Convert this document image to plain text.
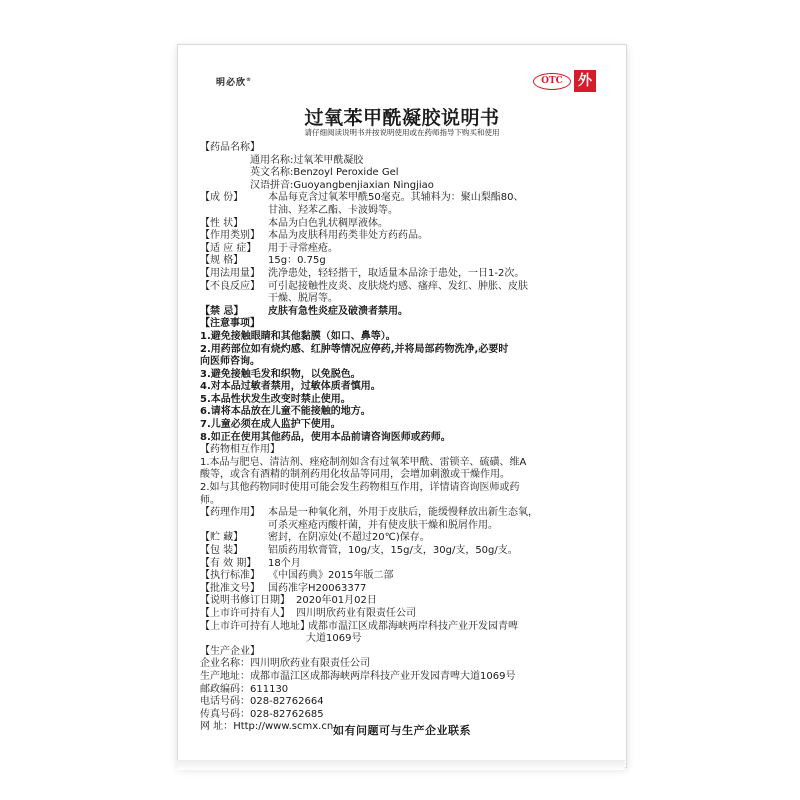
明必欣®	OTC	外
过氧苯甲酰凝胶说明书
请仔细阅读说明书并按说明使用或在药师指导下购买和使用
【药品名称】
通用名称: 过氧苯甲酰凝胶
英文名称: Benzoyl Peroxide Gel
汉语拼音: Guoyangbenjiaxian Ningjiao
【成 份】	本品每克含过氧苯甲酰50毫克。其辅料为：聚山梨酯80、
甘油、羟苯乙酯、卡波姆等。
【性 状】	本品为白色乳状稠厚液体。
【作用类别】 本品为皮肤科用药类非处方药药品。
【适 应 症】	用于寻常痤疮。
【规 格】	15g：0.75g
【用法用量】 洗净患处，轻轻揩干，取适量本品涂于患处，一日1-2次。
【不良反应】 可引起接触性皮炎、皮肤烧灼感、瘙痒、发红、肿胀、皮肤
干燥、脱屑等。
【禁 忌】	皮肤有急性炎症及破溃者禁用。
【注意事项】
1.避免接触眼睛和其他黏膜（如口、鼻等）。
2.用药部位如有烧灼感、红肿等情况应停药,并将局部药物洗净,必要时
向医师咨询。
3.避免接触毛发和织物，以免脱色。
4.对本品过敏者禁用，过敏体质者慎用。
5.本品性状发生改变时禁止使用。
6.请将本品放在儿童不能接触的地方。
7.儿童必须在成人监护下使用。
8.如正在使用其他药品，使用本品前请咨询医师或药师。
【药物相互作用】
1.本品与肥皂、清洁剂、痤疮制剂如含有过氧苯甲酰、雷锁辛、硫磺、维A
酸等，或含有酒精的制剂药用化妆品等同用，会增加刺激或干燥作用。
2.如与其他药物同时使用可能会发生药物相互作用，详情请咨询医师或药
师。
【药理作用】 本品是一种氧化剂，外用于皮肤后，能缓慢释放出新生态氧，
可杀灭痤疮丙酸杆菌，并有使皮肤干燥和脱屑作用。
【贮 藏】	密封，在阴凉处(不超过20℃)保存。
【包 装】	铝质药用软膏管，10g/支，15g/支，30g/支，50g/支。
【有 效 期】	18个月
【执行标准】 《中国药典》2015年版二部
【批准文号】 国药准字H20063377
【说明书修订日期】 2020年01月02日
【上市许可持有人】 四川明欣药业有限责任公司
【上市许可持有人地址】
成都市温江区成都海峡两岸科技产业开发园青啤
大道1069号
【生产企业】
企业名称： 四川明欣药业有限责任公司
生产地址： 成都市温江区成都海峡两岸科技产业开发园青啤大道1069号
邮政编码： 611130
电话号码： 028-82762664
传真号码： 028-82762685
网 址： Http://www.scmx.cn 如有问题可与生产企业联系
